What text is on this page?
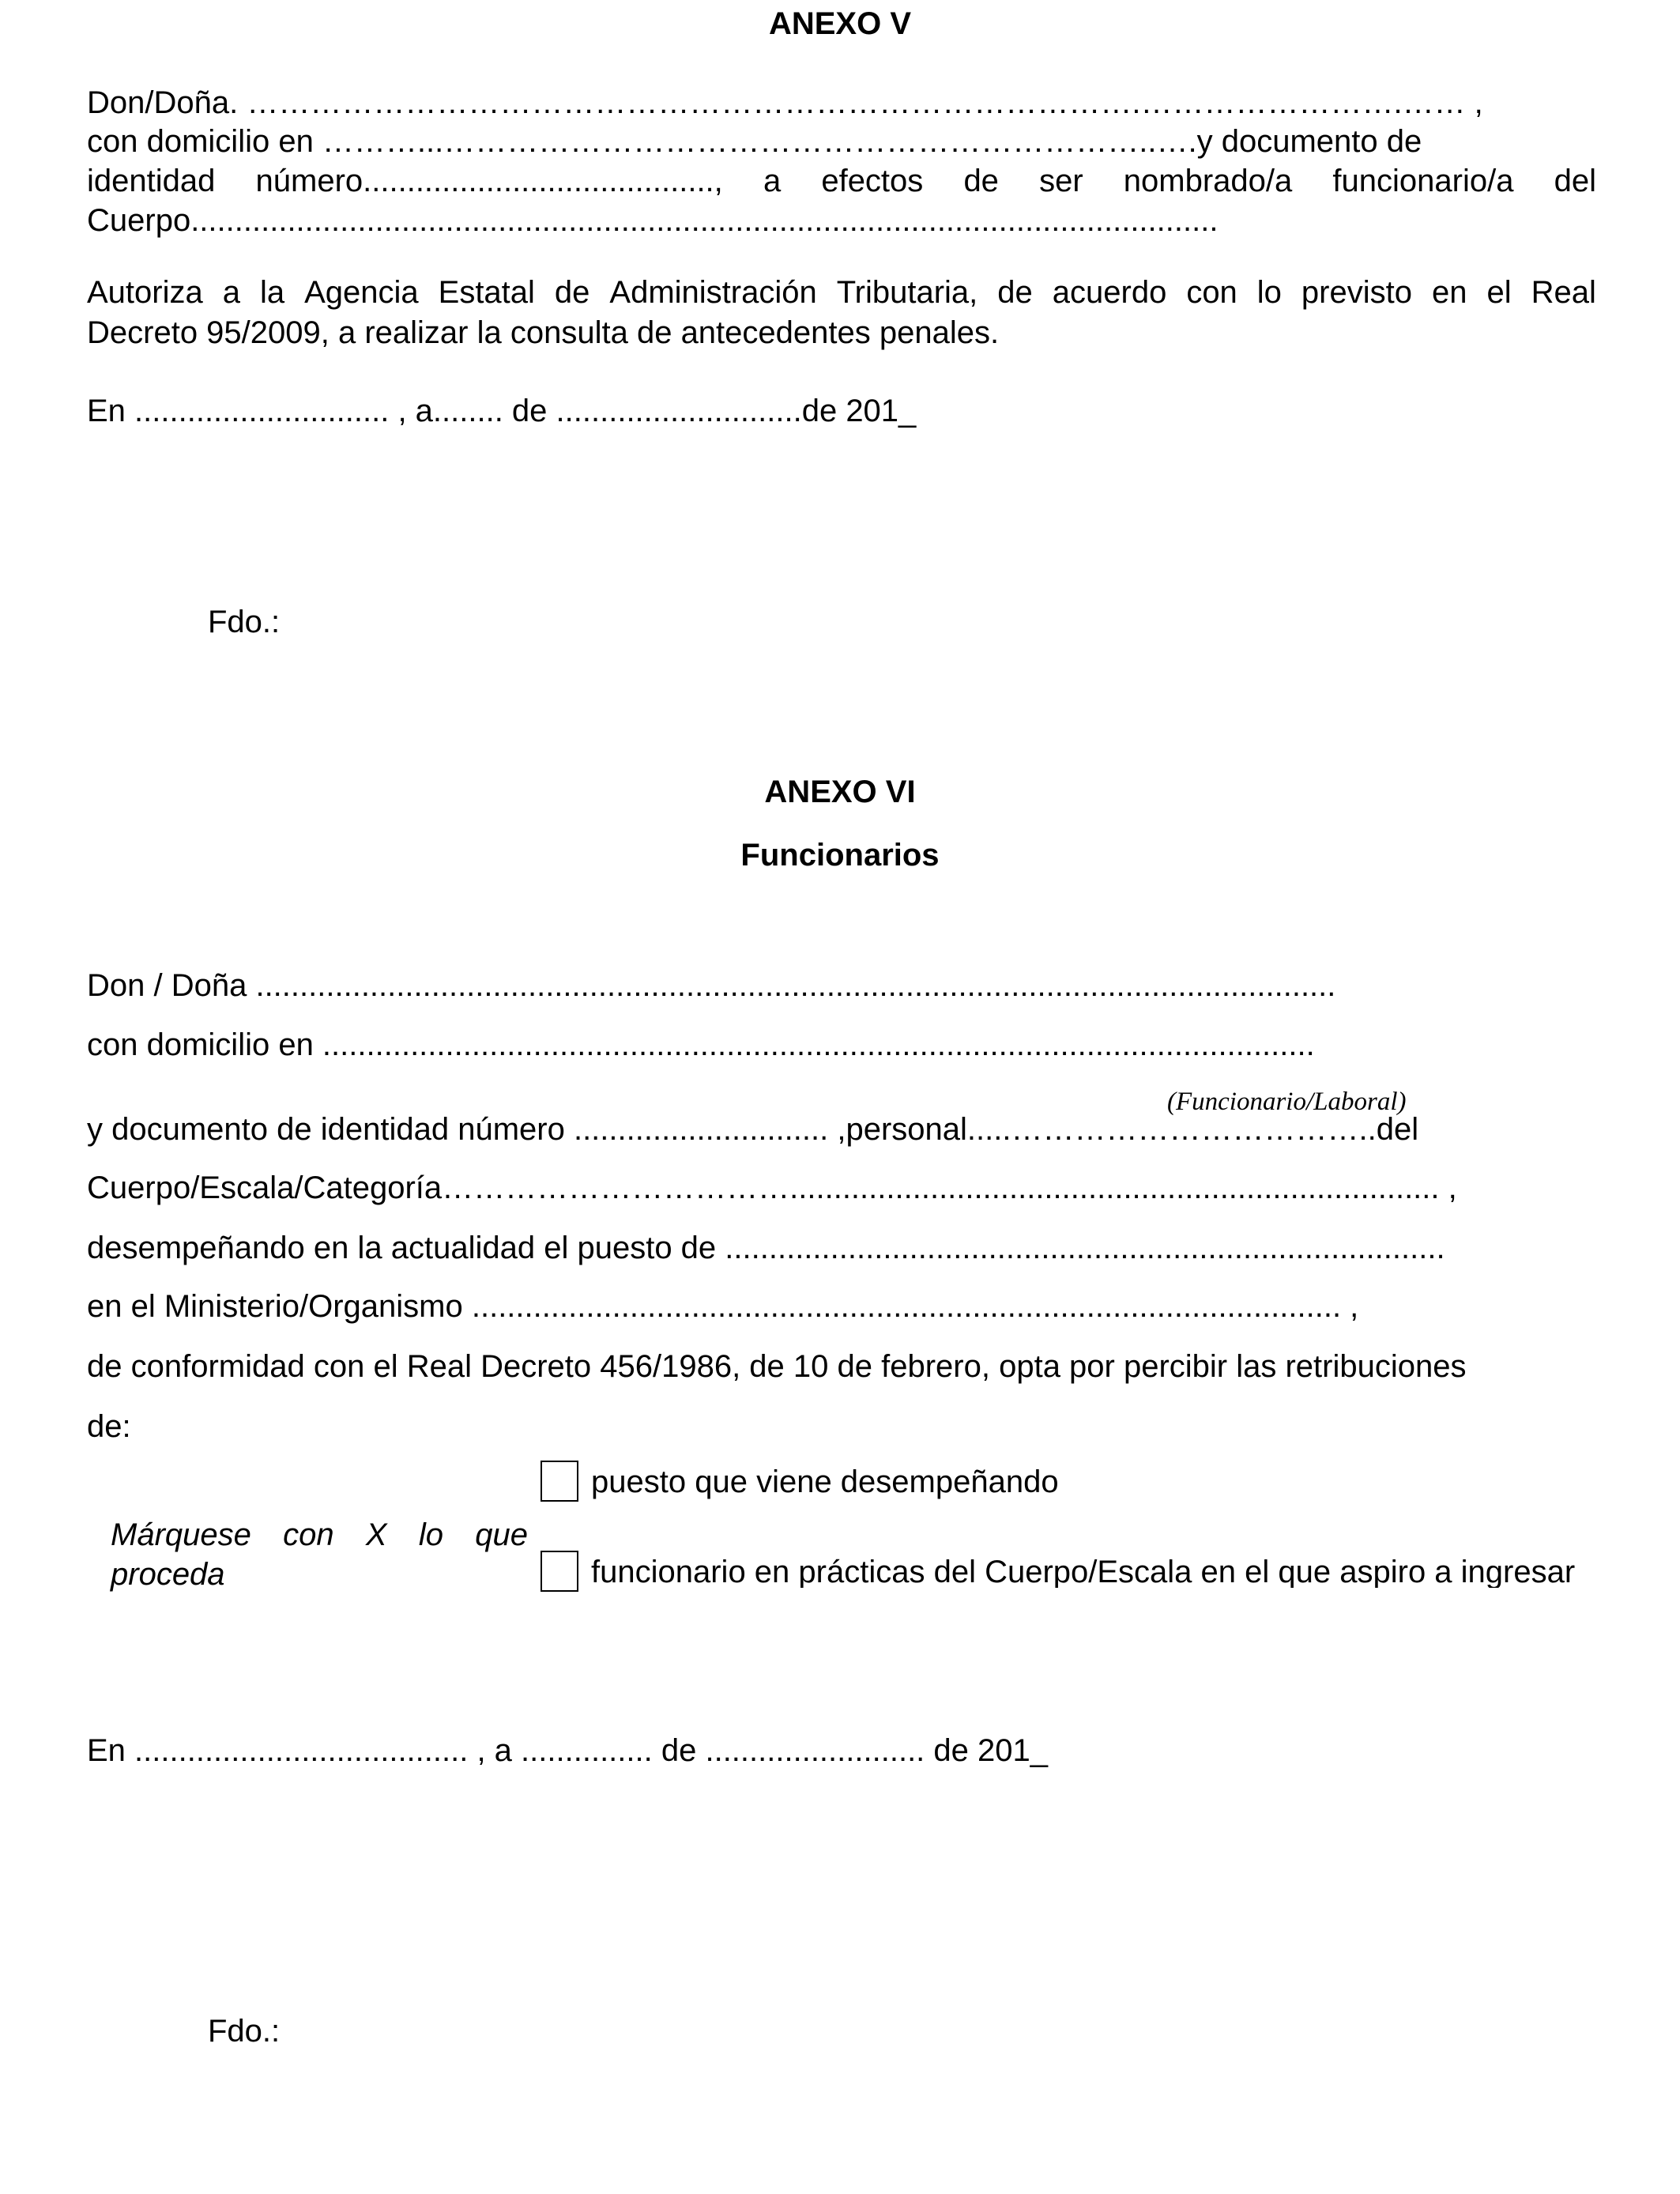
ANEXO V
Don/Doña. ………………………………………………………………………….…………………….…… ,
con domicilio en ………...…………………………………………………………..….y documento de
identidad número........................................, a efectos de ser nombrado/a funcionario/a del
Cuerpo.....................................................................................................................
Autoriza a la Agencia Estatal de Administración Tributaria, de acuerdo con lo previsto en el Real
Decreto 95/2009, a realizar la consulta de antecedentes penales.
En ............................. , a........ de ............................de 201_
Fdo.:
ANEXO VI
Funcionarios
Don / Doña ...........................................................................................................................
con domicilio en .................................................................................................................
(Funcionario/Laboral)
y documento de identidad número ............................. ,personal.....……………………………..del
Cuerpo/Escala/Categoría…………………………….......................................................................... ,
desempeñando en la actualidad el puesto de ..................................................................................
en el Ministerio/Organismo ................................................................................................... ,
de conformidad con el Real Decreto 456/1986, de 10 de febrero, opta por percibir las retribuciones
de:
Márquese con X lo que
proceda
puesto que viene desempeñando
funcionario en prácticas del Cuerpo/Escala en el que aspiro a ingresar
En ...................................... , a ............... de ......................... de 201_
Fdo.:
